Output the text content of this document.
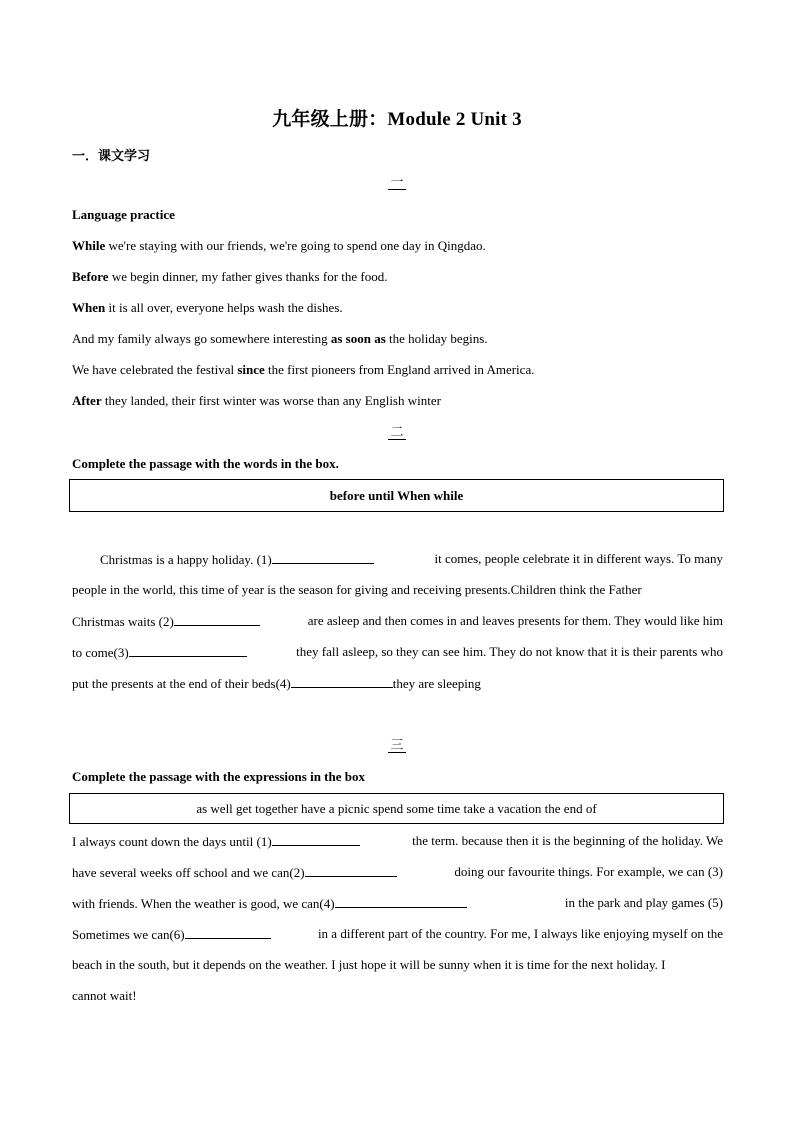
九年级上册：Module 2 Unit 3
一．课文学习
一
Language practice
While we're staying with our friends, we're going to spend one day in Qingdao.
Before we begin dinner, my father gives thanks for the food.
When it is all over, everyone helps wash the dishes.
And my family always go somewhere interesting as soon as the holiday begins.
We have celebrated the festival since the first pioneers from England arrived in America.
After they landed, their first winter was worse than any English winter
二
Complete the passage with the words in the box.
before until When while
Christmas is a happy holiday. (1)	it comes, people celebrate it in different ways. To many
people in the world, this time of year is the season for giving and receiving presents.Children think the Father
Christmas waits (2)	are asleep and then comes in and leaves presents for them. They would like him
to come(3)	they fall asleep, so they can see him. They do not know that it is their parents who
put the presents at the end of their beds(4)	they are sleeping
三
Complete the passage with the expressions in the box
as well get together have a picnic spend some time take a vacation the end of
I always count down the days until (1)	the term. because then it is the beginning of the holiday. We
have several weeks off school and we can(2)	doing our favourite things. For example, we can (3)
with friends. When the weather is good, we can(4)	in the park and play games (5)
Sometimes we can(6)	in a different part of the country. For me, I always like enjoying myself on the
beach in the south, but it depends on the weather. I just hope it will be sunny when it is time for the next holiday. I
cannot wait!
